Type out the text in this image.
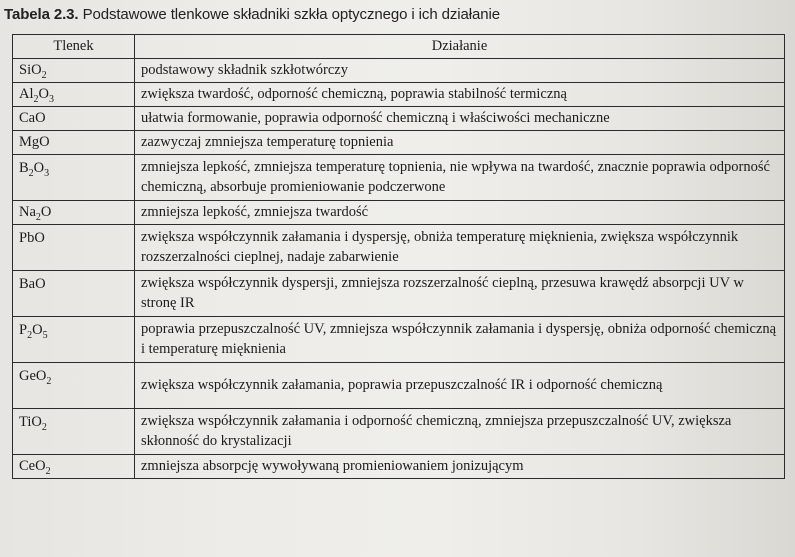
Tabela 2.3. Podstawowe tlenkowe składniki szkła optycznego i ich działanie
Tlenek	Działanie
SiO$_2$	podstawowy składnik szkłotwórczy
$Al_2O_3$	zwiększa twardość, odporność chemiczną, poprawia stabilność termiczną
CaO	ułatwia formowanie, poprawia odporność chemiczną i właściwości mechaniczne
MgO	zazwyczaj zmniejsza temperaturę topnienia
$B_2O_3$	zmniejsza lepkość, zmniejsza temperaturę topnienia, nie wpływa na twardość, znacznie poprawia odporność chemiczną, absorbuje promieniowanie podczerwone
$Na_2O$	zmniejsza lepkość, zmniejsza twardość
PbO	zwiększa współczynnik załamania i dyspersję, obniża temperaturę mięknienia, zwiększa współczynnik rozszerzalności cieplnej, nadaje zabarwienie
BaO	zwiększa współczynnik dyspersji, zmniejsza rozszerzalność cieplną, przesuwa krawędź absorpcji UV w stronę IR
$P_2O_5$	poprawia przepuszczalność UV, zmniejsza współczynnik załamania i dyspersję, obniża odporność chemiczną i temperaturę mięknienia
GeO$_2$	zwiększa współczynnik załamania, poprawia przepuszczalność IR i odporność chemiczną
TiO$_2$	zwiększa współczynnik załamania i odporność chemiczną, zmniejsza przepuszczalność UV, zwiększa skłonność do krystalizacji
CeO$_2$	zmniejsza absorpcję wywoływaną promieniowaniem jonizującym
